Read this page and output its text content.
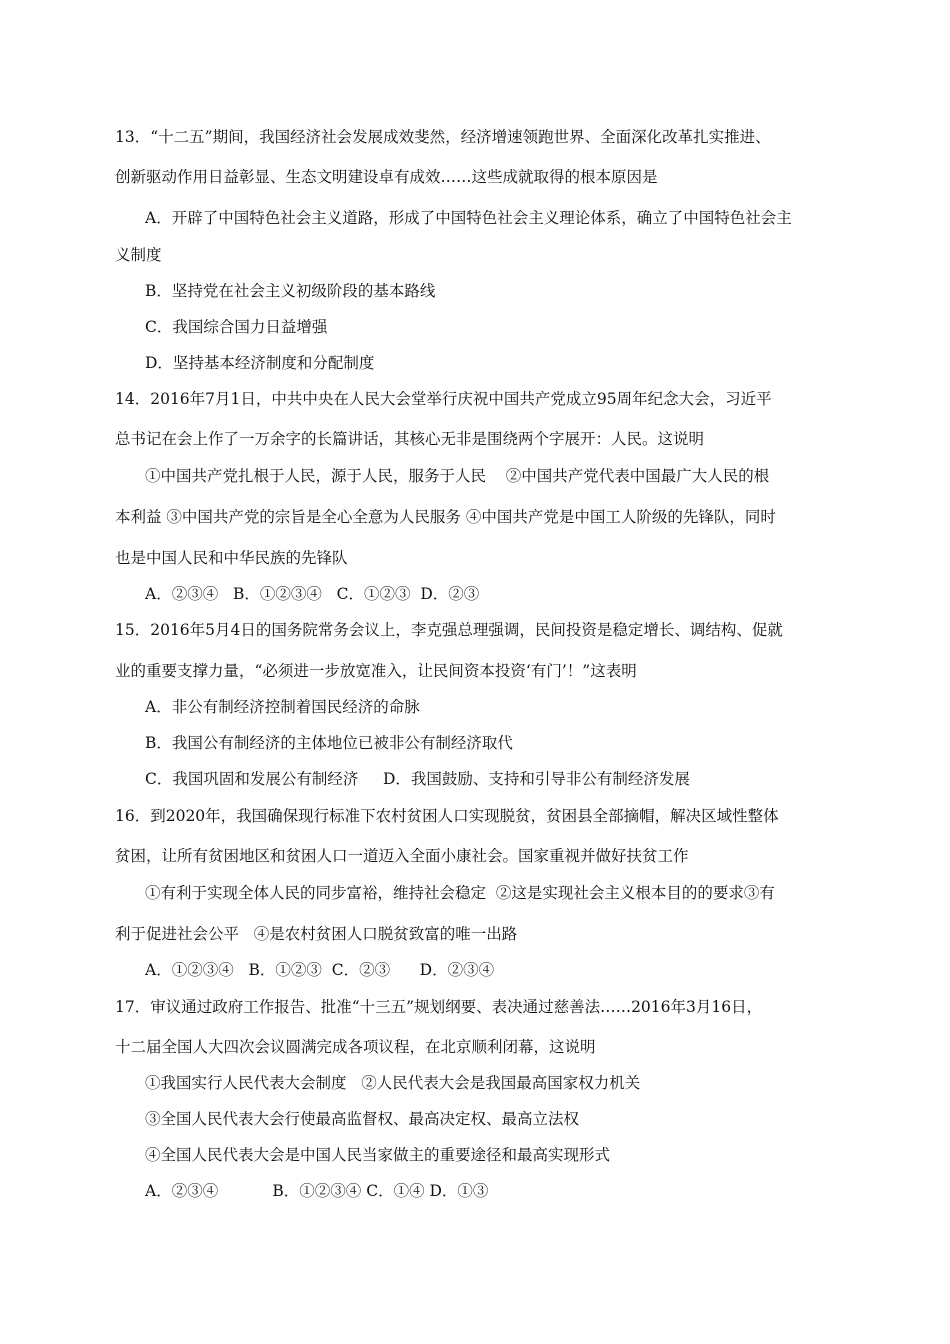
13．“十二五”期间，我国经济社会发展成效斐然，经济增速领跑世界、全面深化改革扎实推进、
创新驱动作用日益彰显、生态文明建设卓有成效……这些成就取得的根本原因是
A．开辟了中国特色社会主义道路，形成了中国特色社会主义理论体系，确立了中国特色社会主
义制度
B．坚持党在社会主义初级阶段的基本路线
C．我国综合国力日益增强
D．坚持基本经济制度和分配制度
14．2016年7月1日，中共中央在人民大会堂举行庆祝中国共产党成立95周年纪念大会，习近平
总书记在会上作了一万余字的长篇讲话，其核心无非是围绕两个字展开：人民。这说明
①中国共产党扎根于人民，源于人民，服务于人民    ②中国共产党代表中国最广大人民的根
本利益 ③中国共产党的宗旨是全心全意为人民服务 ④中国共产党是中国工人阶级的先锋队，同时
也是中国人民和中华民族的先锋队
A．②③④   B．①②③④   C．①②③  D．②③
15．2016年5月4日的国务院常务会议上，李克强总理强调，民间投资是稳定增长、调结构、促就
业的重要支撑力量，“必须进一步放宽准入，让民间资本投资‘有门’！”这表明
A．非公有制经济控制着国民经济的命脉
B．我国公有制经济的主体地位已被非公有制经济取代
C．我国巩固和发展公有制经济     D．我国鼓励、支持和引导非公有制经济发展
16．到2020年，我国确保现行标准下农村贫困人口实现脱贫，贫困县全部摘帽，解决区域性整体
贫困，让所有贫困地区和贫困人口一道迈入全面小康社会。国家重视并做好扶贫工作
①有利于实现全体人民的同步富裕，维持社会稳定  ②这是实现社会主义根本目的的要求③有
利于促进社会公平   ④是农村贫困人口脱贫致富的唯一出路
A．①②③④   B．①②③  C．②③      D．②③④
17．审议通过政府工作报告、批准“十三五”规划纲要、表决通过慈善法……2016年3月16日，
十二届全国人大四次会议圆满完成各项议程，在北京顺利闭幕，这说明
①我国实行人民代表大会制度   ②人民代表大会是我国最高国家权力机关
③全国人民代表大会行使最高监督权、最高决定权、最高立法权
④全国人民代表大会是中国人民当家做主的重要途径和最高实现形式
A．②③④           B．①②③④ C．①④ D．①③
